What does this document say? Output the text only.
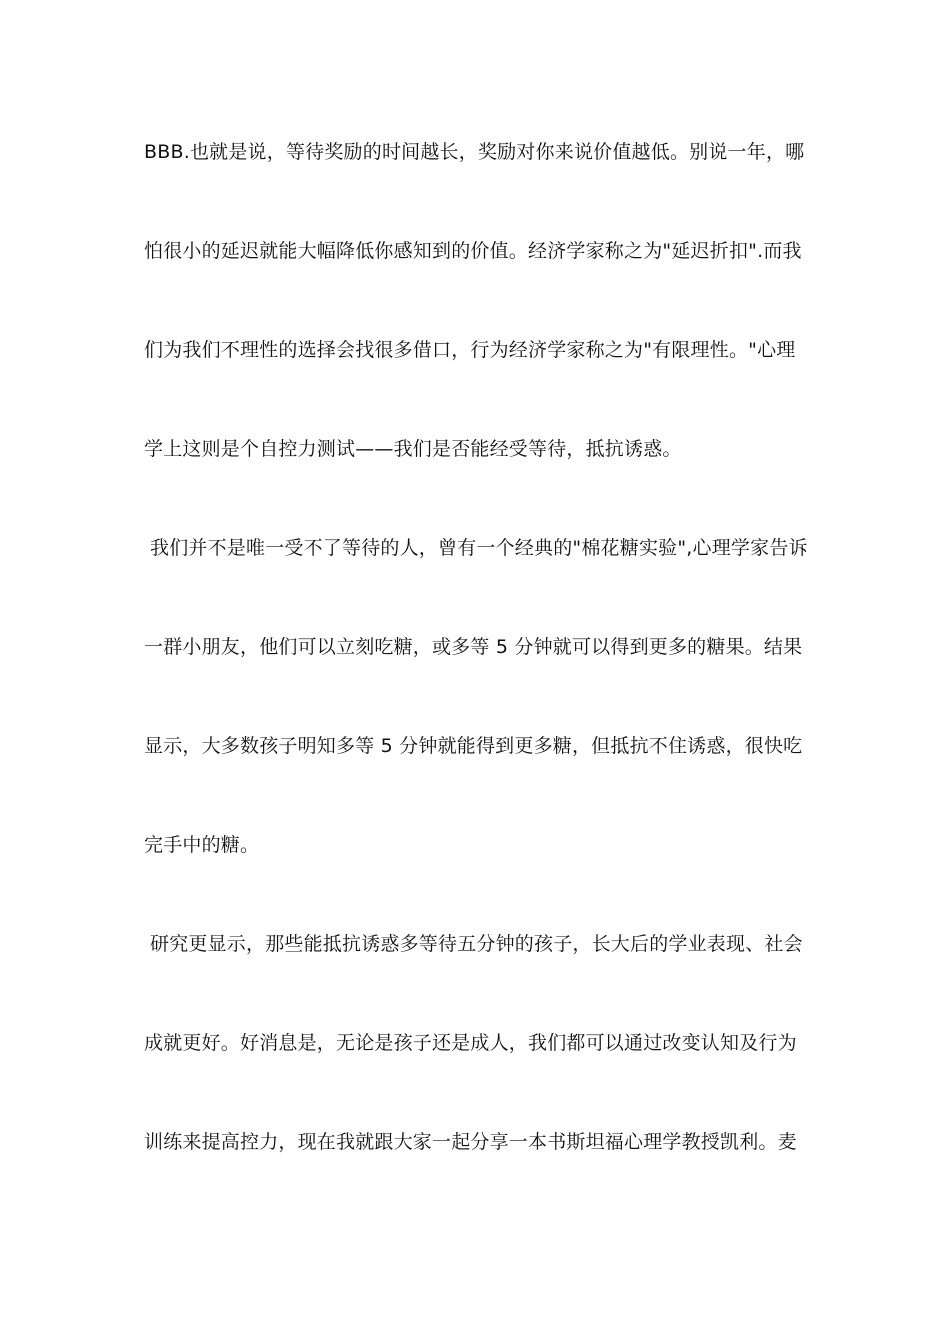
BBB.也就是说，等待奖励的时间越长，奖励对你来说价值越低。别说一年，哪
怕很小的延迟就能大幅降低你感知到的价值。经济学家称之为"延迟折扣".而我
们为我们不理性的选择会找很多借口，行为经济学家称之为"有限理性。"心理
学上这则是个自控力测试——我们是否能经受等待，抵抗诱惑。
我们并不是唯一受不了等待的人，曾有一个经典的"棉花糖实验",心理学家告诉
一群小朋友，他们可以立刻吃糖，或多等 5 分钟就可以得到更多的糖果。结果
显示，大多数孩子明知多等 5 分钟就能得到更多糖，但抵抗不住诱惑，很快吃
完手中的糖。
研究更显示，那些能抵抗诱惑多等待五分钟的孩子，长大后的学业表现、社会
成就更好。好消息是，无论是孩子还是成人，我们都可以通过改变认知及行为
训练来提高控力，现在我就跟大家一起分享一本书斯坦福心理学教授凯利。麦
